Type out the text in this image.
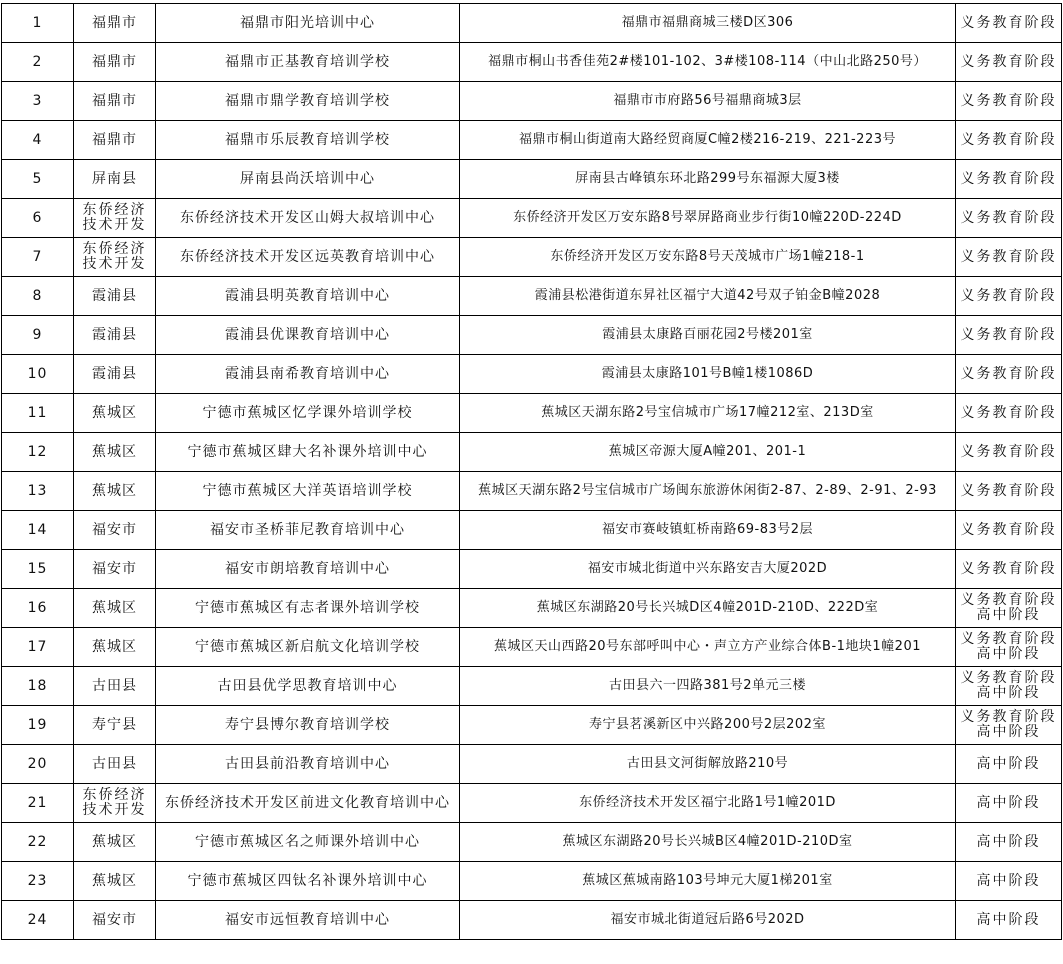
1	福鼎市	福鼎市阳光培训中心	福鼎市福鼎商城三楼D区306	义务教育阶段
2	福鼎市	福鼎市正基教育培训学校	福鼎市桐山书香佳苑2#楼101-102、3#楼108-114（中山北路250号）	义务教育阶段
3	福鼎市	福鼎市鼎学教育培训学校	福鼎市市府路56号福鼎商城3层	义务教育阶段
4	福鼎市	福鼎市乐辰教育培训学校	福鼎市桐山街道南大路经贸商厦C幢2楼216-219、221-223号	义务教育阶段
5	屏南县	屏南县尚沃培训中心	屏南县古峰镇东环北路299号东福源大厦3楼	义务教育阶段
6	东侨经济技术开发	东侨经济技术开发区山姆大叔培训中心	东侨经济开发区万安东路8号翠屏路商业步行街10幢220D-224D	义务教育阶段
7	东侨经济技术开发	东侨经济技术开发区远英教育培训中心	东侨经济开发区万安东路8号天茂城市广场1幢218-1	义务教育阶段
8	霞浦县	霞浦县明英教育培训中心	霞浦县松港街道东昇社区福宁大道42号双子铂金B幢2028	义务教育阶段
9	霞浦县	霞浦县优课教育培训中心	霞浦县太康路百丽花园2号楼201室	义务教育阶段
10	霞浦县	霞浦县南希教育培训中心	霞浦县太康路101号B幢1楼1086D	义务教育阶段
11	蕉城区	宁德市蕉城区忆学课外培训学校	蕉城区天湖东路2号宝信城市广场17幢212室、213D室	义务教育阶段
12	蕉城区	宁德市蕉城区肆大名补课外培训中心	蕉城区帝源大厦A幢201、201-1	义务教育阶段
13	蕉城区	宁德市蕉城区大洋英语培训学校	蕉城区天湖东路2号宝信城市广场闽东旅游休闲街2-87、2-89、2-91、2-93	义务教育阶段
14	福安市	福安市圣桥菲尼教育培训中心	福安市赛岐镇虹桥南路69-83号2层	义务教育阶段
15	福安市	福安市朗培教育培训中心	福安市城北街道中兴东路安吉大厦202D	义务教育阶段
16	蕉城区	宁德市蕉城区有志者课外培训学校	蕉城区东湖路20号长兴城D区4幢201D-210D、222D室	义务教育阶段 高中阶段
17	蕉城区	宁德市蕉城区新启航文化培训学校	蕉城区天山西路20号东部呼叫中心・声立方产业综合体B-1地块1幢201	义务教育阶段 高中阶段
18	古田县	古田县优学思教育培训中心	古田县六一四路381号2单元三楼	义务教育阶段 高中阶段
19	寿宁县	寿宁县博尔教育培训学校	寿宁县茗溪新区中兴路200号2层202室	义务教育阶段 高中阶段
20	古田县	古田县前沿教育培训中心	古田县文河街解放路210号	高中阶段
21	东侨经济技术开发	东侨经济技术开发区前进文化教育培训中心	东侨经济技术开发区福宁北路1号1幢201D	高中阶段
22	蕉城区	宁德市蕉城区名之师课外培训中心	蕉城区东湖路20号长兴城B区4幢201D-210D室	高中阶段
23	蕉城区	宁德市蕉城区四钛名补课外培训中心	蕉城区蕉城南路103号坤元大厦1梯201室	高中阶段
24	福安市	福安市远恒教育培训中心	福安市城北街道冠后路6号202D	高中阶段
